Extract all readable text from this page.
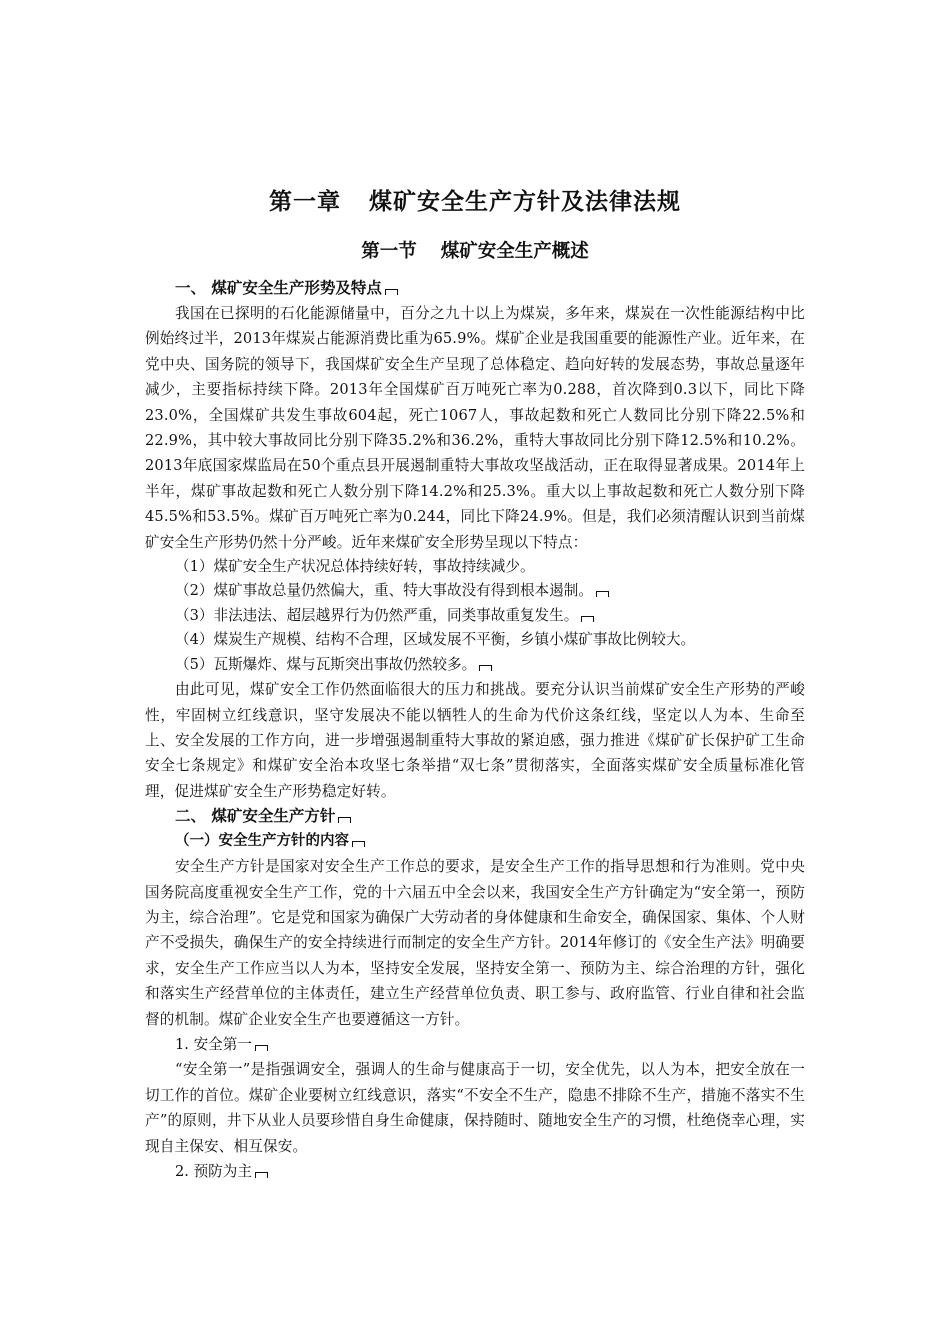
第一章 煤矿安全生产方针及法律法规
第一节 煤矿安全生产概述

一、 煤矿安全生产形势及特点

我国在已探明的石化能源储量中，百分之九十以上为煤炭，多年来，煤炭在一次性能源结构中比例始终过半，2013年煤炭占能源消费比重为65.9%。煤矿企业是我国重要的能源性产业。近年来，在党中央、国务院的领导下，我国煤矿安全生产呈现了总体稳定、趋向好转的发展态势，事故总量逐年减少，主要指标持续下降。2013年全国煤矿百万吨死亡率为0.288，首次降到0.3以下，同比下降23.0%，全国煤矿共发生事故604起，死亡1067人，事故起数和死亡人数同比分别下降22.5%和22.9%，其中较大事故同比分别下降35.2%和36.2%，重特大事故同比分别下降12.5%和10.2%。2013年底国家煤监局在50个重点县开展遏制重特大事故攻坚战活动，正在取得显著成果。2014年上半年，煤矿事故起数和死亡人数分别下降14.2%和25.3%。重大以上事故起数和死亡人数分别下降45.5%和53.5%。煤矿百万吨死亡率为0.244，同比下降24.9%。但是，我们必须清醒认识到当前煤矿安全生产形势仍然十分严峻。近年来煤矿安全形势呈现以下特点：

（1）煤矿安全生产状况总体持续好转，事故持续减少。

（2）煤矿事故总量仍然偏大，重、特大事故没有得到根本遏制。

（3）非法违法、超层越界行为仍然严重，同类事故重复发生。

（4）煤炭生产规模、结构不合理，区域发展不平衡，乡镇小煤矿事故比例较大。

（5）瓦斯爆炸、煤与瓦斯突出事故仍然较多。

由此可见，煤矿安全工作仍然面临很大的压力和挑战。要充分认识当前煤矿安全生产形势的严峻性，牢固树立红线意识，坚守发展决不能以牺牲人的生命为代价这条红线，坚定以人为本、生命至上、安全发展的工作方向，进一步增强遏制重特大事故的紧迫感，强力推进《煤矿矿长保护矿工生命安全七条规定》和煤矿安全治本攻坚七条举措“双七条”贯彻落实，全面落实煤矿安全质量标准化管理，促进煤矿安全生产形势稳定好转。

二、 煤矿安全生产方针

（一）安全生产方针的内容

安全生产方针是国家对安全生产工作总的要求，是安全生产工作的指导思想和行为准则。党中央国务院高度重视安全生产工作，党的十六届五中全会以来，我国安全生产方针确定为“安全第一，预防为主，综合治理”。它是党和国家为确保广大劳动者的身体健康和生命安全，确保国家、集体、个人财产不受损失，确保生产的安全持续进行而制定的安全生产方针。2014年修订的《安全生产法》明确要求，安全生产工作应当以人为本，坚持安全发展，坚持安全第一、预防为主、综合治理的方针，强化和落实生产经营单位的主体责任，建立生产经营单位负责、职工参与、政府监管、行业自律和社会监督的机制。煤矿企业安全生产也要遵循这一方针。

1. 安全第一

“安全第一”是指强调安全，强调人的生命与健康高于一切，安全优先，以人为本，把安全放在一切工作的首位。煤矿企业要树立红线意识，落实“不安全不生产，隐患不排除不生产，措施不落实不生产”的原则，井下从业人员要珍惜自身生命健康，保持随时、随地安全生产的习惯，杜绝侥幸心理，实现自主保安、相互保安。

2. 预防为主
